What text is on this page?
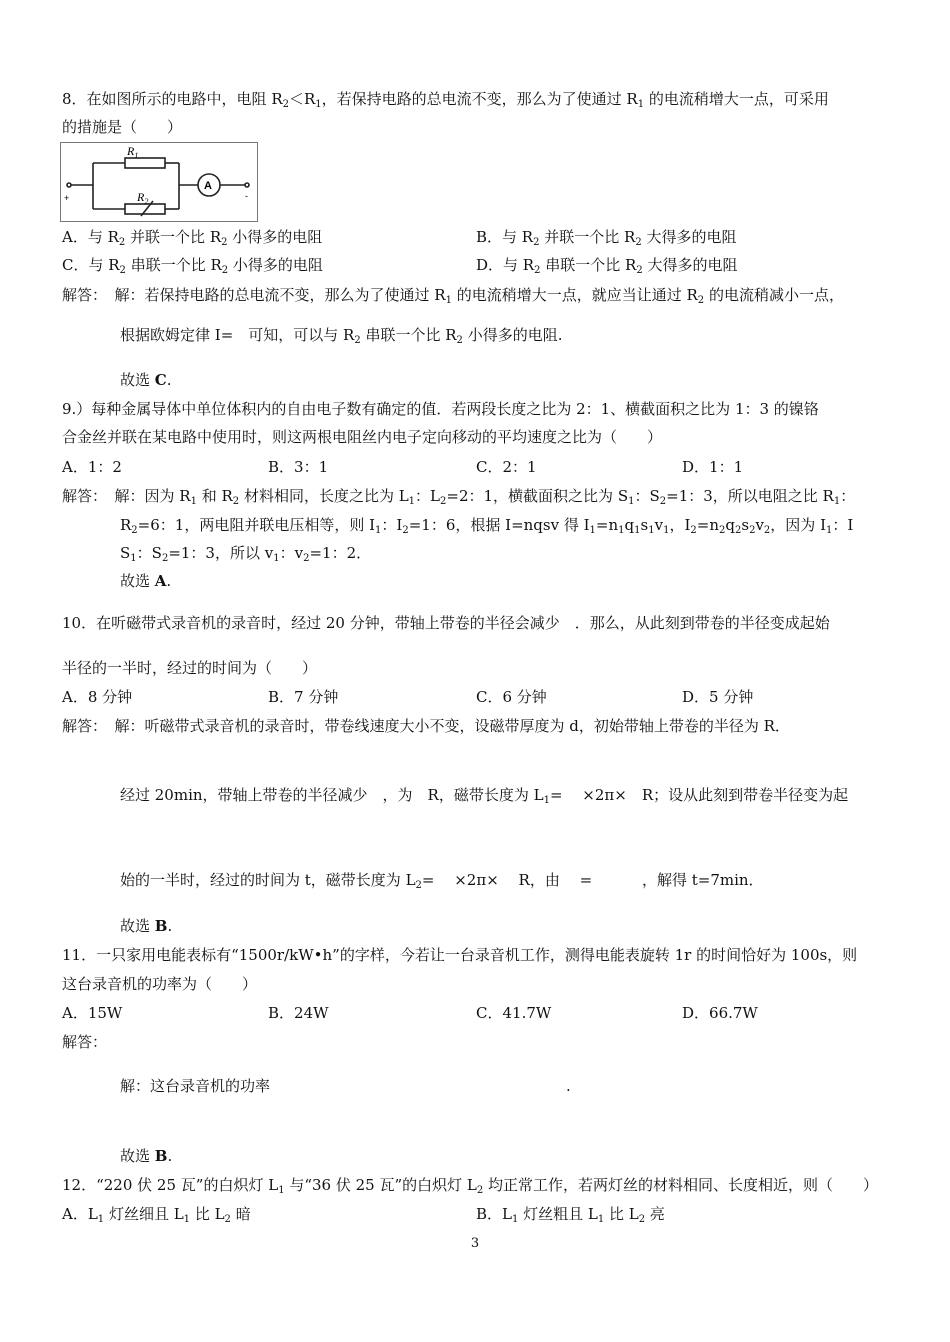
8．在如图所示的电路中，电阻 $R_2<R_1$，若保持电路的总电流不变，那么为了使通过 $R_1$ 的电流稍增大一点，可采用
的措施是（　　）
$R_1$
$R_2$
A
+	-
A．与 $R_2$ 并联一个比 $R_2$ 小得多的电阻	B．与 $R_2$ 并联一个比 $R_2$ 大得多的电阻
C．与 $R_2$ 串联一个比 $R_2$ 小得多的电阻	D．与 $R_2$ 串联一个比 $R_2$ 大得多的电阻
解答：　解：若保持电路的总电流不变，那么为了使通过 $R_1$ 的电流稍增大一点，就应当让通过 $R_2$ 的电流稍减小一点，
根据欧姆定律 I=　可知，可以与 $R_2$ 串联一个比 $R_2$ 小得多的电阻.
故选 C.
9.）每种金属导体中单位体积内的自由电子数有确定的值．若两段长度之比为 2：1、横截面积之比为 1：3 的镍铬
合金丝并联在某电路中使用时，则这两根电阻丝内电子定向移动的平均速度之比为（　　）
A．1：2	B．3：1	C．2：1	D．1：1
解答：　解：因为 $R_1$ 和 $R_2$ 材料相同，长度之比为 $L_1$：$L_2=2$：1，横截面积之比为 $S_1$：$S_2=1$：3，所以电阻之比 $R_1$：
$R_2=6$：1，两电阻并联电压相等，则 $I_1$：$I_2=1$：6，根据 I=nqsv 得 $I_1=n_1q_1s_1v_1$，$I_2=n_2q_2s_2v_2$，因为 $I_1$：I
$S_1$：$S_2=1$：3，所以 $v_1$：$v_2=1$：2．
故选 A.
10．在听磁带式录音机的录音时，经过 20 分钟，带轴上带卷的半径会减少　．那么，从此刻到带卷的半径变成起始
半径的一半时，经过的时间为（　　）
A．8 分钟	B．7 分钟	C．6 分钟	D．5 分钟
解答：　解：听磁带式录音机的录音时，带卷线速度大小不变，设磁带厚度为 d，初始带轴上带卷的半径为 R．
经过 20min，带轴上带卷的半径减少　，为　R，磁带长度为 $L_1=$　 ×2π×　R；设从此刻到带卷半径变为起
始的一半时，经过的时间为 t，磁带长度为 $L_2=$　 ×2π×　 R，由　 =　　　 ，解得 t=7min．
故选 B.
11．一只家用电能表标有“1500r/kW•h”的字样，今若让一台录音机工作，测得电能表旋转 1r 的时间恰好为 100s，则
这台录音机的功率为（　　）
A．15W	B．24W	C．41.7W	D．66.7W
解答：
解：这台录音机的功率	.
故选 B.
12．“220 伏 25 瓦”的白炽灯 $L_1$ 与“36 伏 25 瓦”的白炽灯 $L_2$ 均正常工作，若两灯丝的材料相同、长度相近，则（　　）
A．$L_1$ 灯丝细且 $L_1$ 比 $L_2$ 暗	B．$L_1$ 灯丝粗且 $L_1$ 比 $L_2$ 亮
3
